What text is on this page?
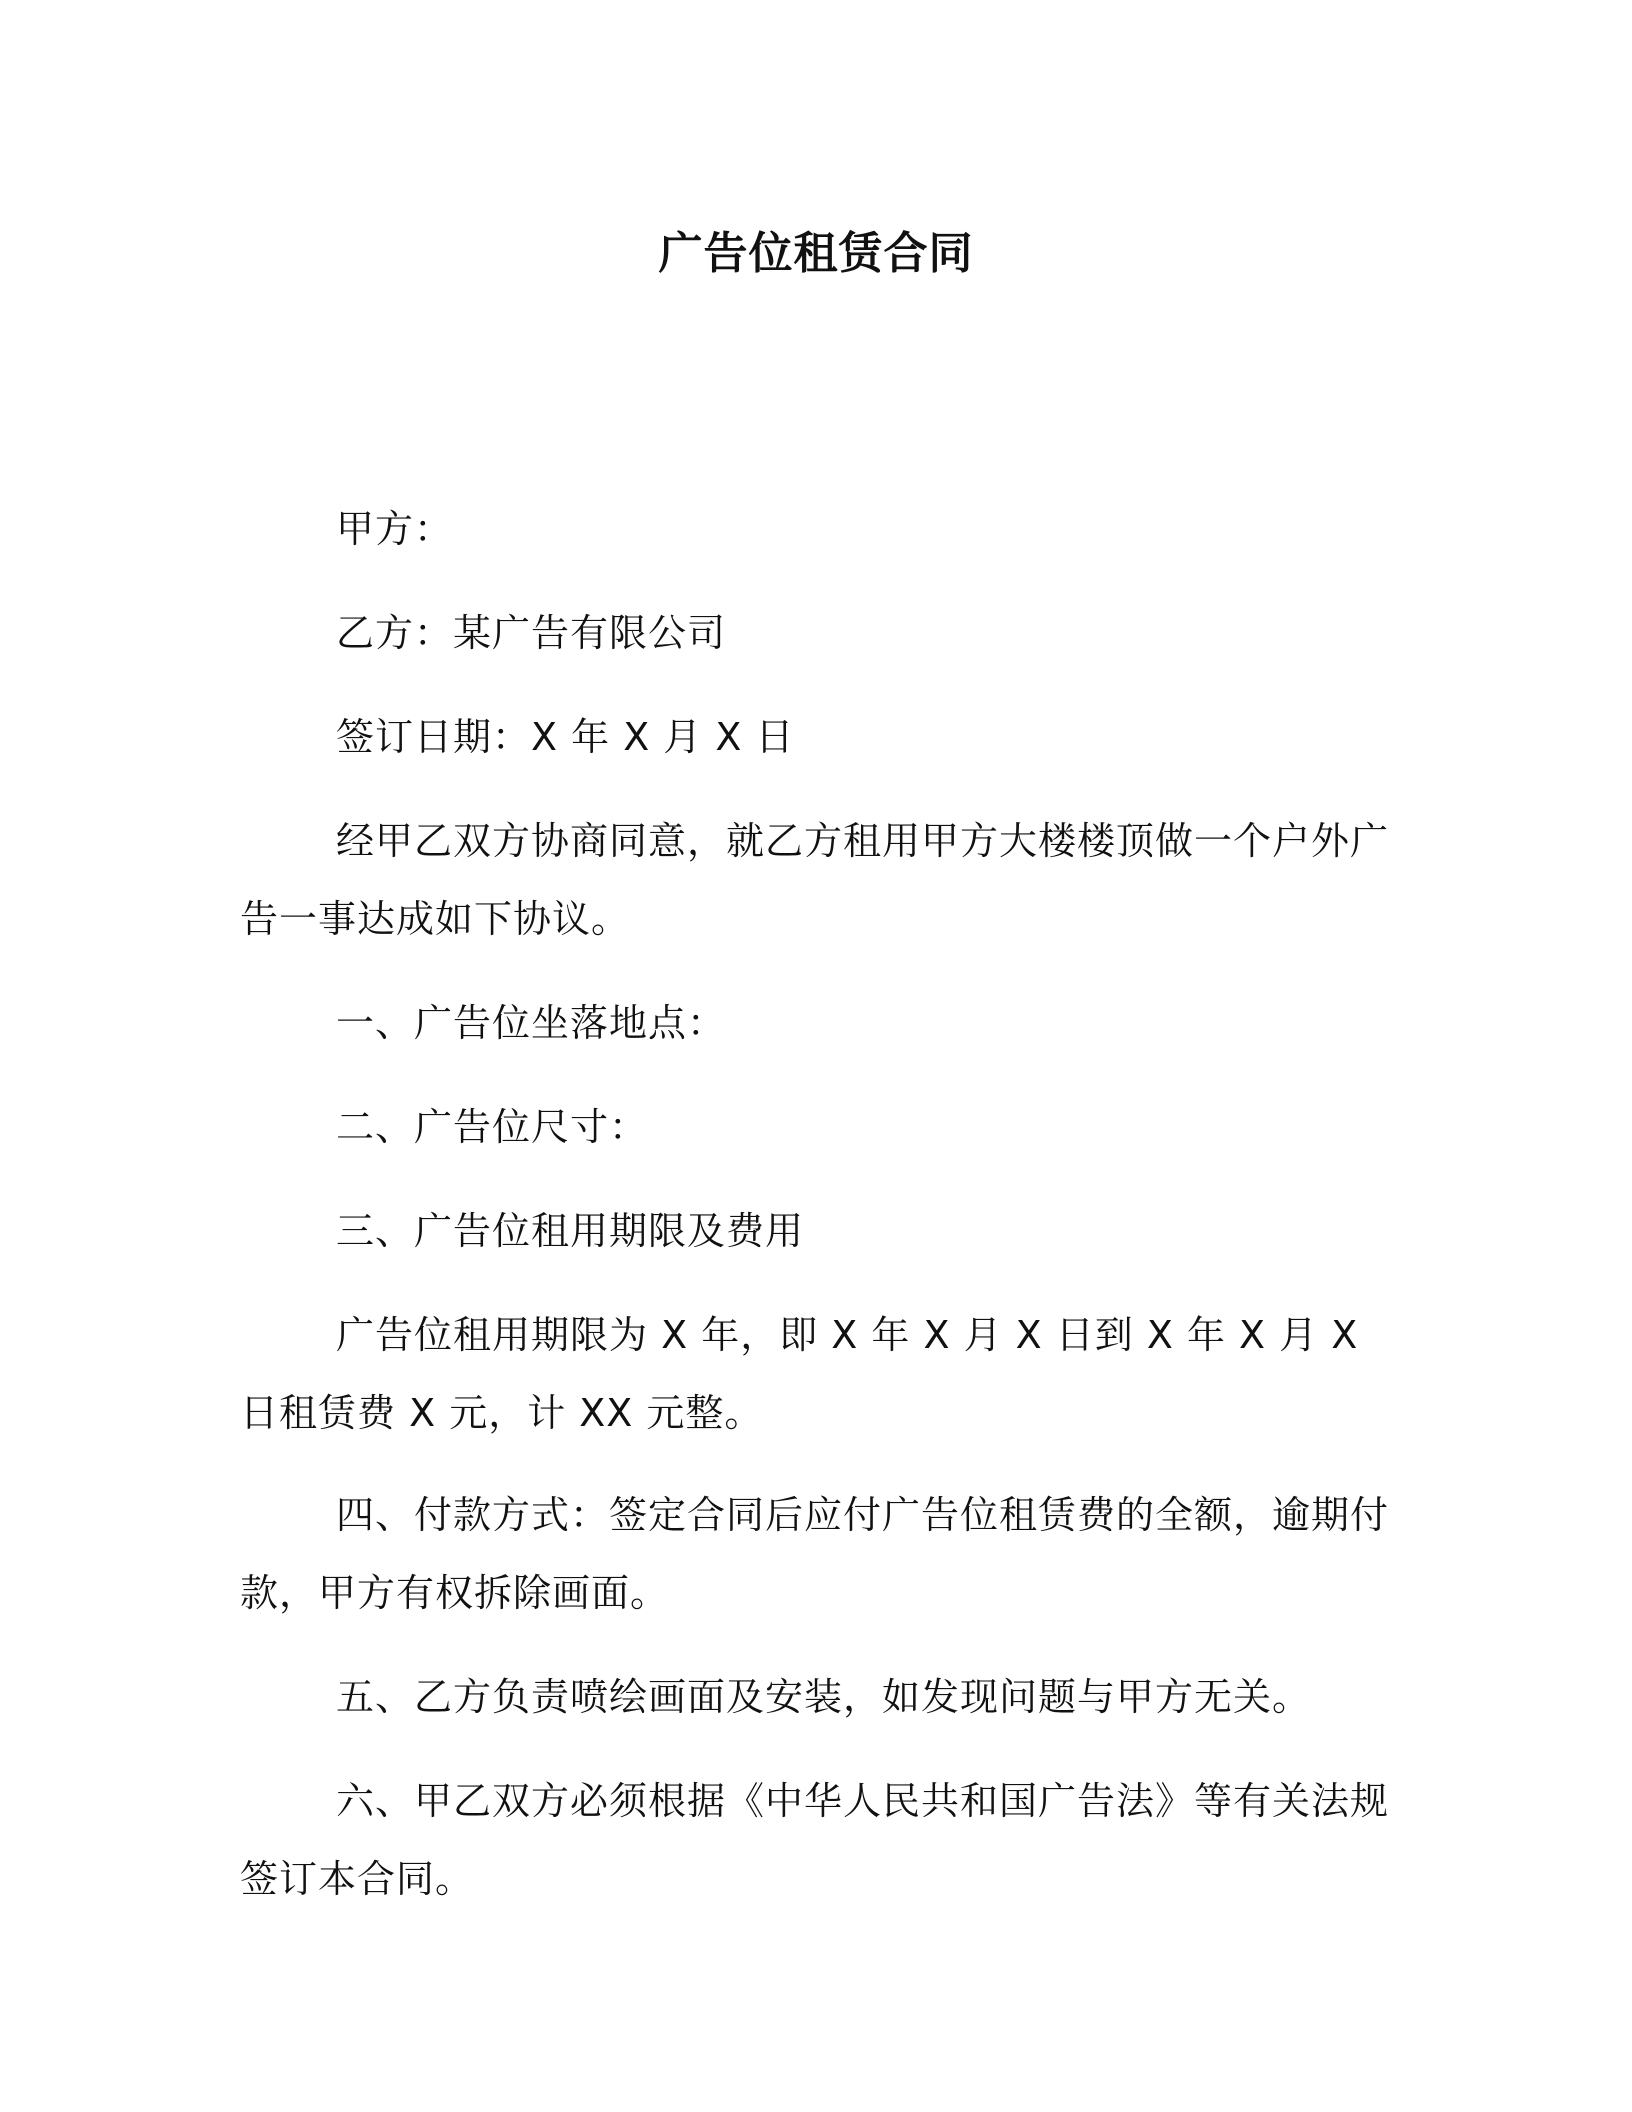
广告位租赁合同

甲方：

乙方：某广告有限公司

签订日期：X 年 X 月 X 日

经甲乙双方协商同意，就乙方租用甲方大楼楼顶做一个户外广告一事达成如下协议。

一、广告位坐落地点：

二、广告位尺寸：

三、广告位租用期限及费用

广告位租用期限为 X 年，即 X 年 X 月 X 日到 X 年 X 月 X 日租赁费 X 元，计 XX 元整。

四、付款方式：签定合同后应付广告位租赁费的全额，逾期付款，甲方有权拆除画面。

五、乙方负责喷绘画面及安装，如发现问题与甲方无关。

六、甲乙双方必须根据《中华人民共和国广告法》等有关法规签订本合同。
